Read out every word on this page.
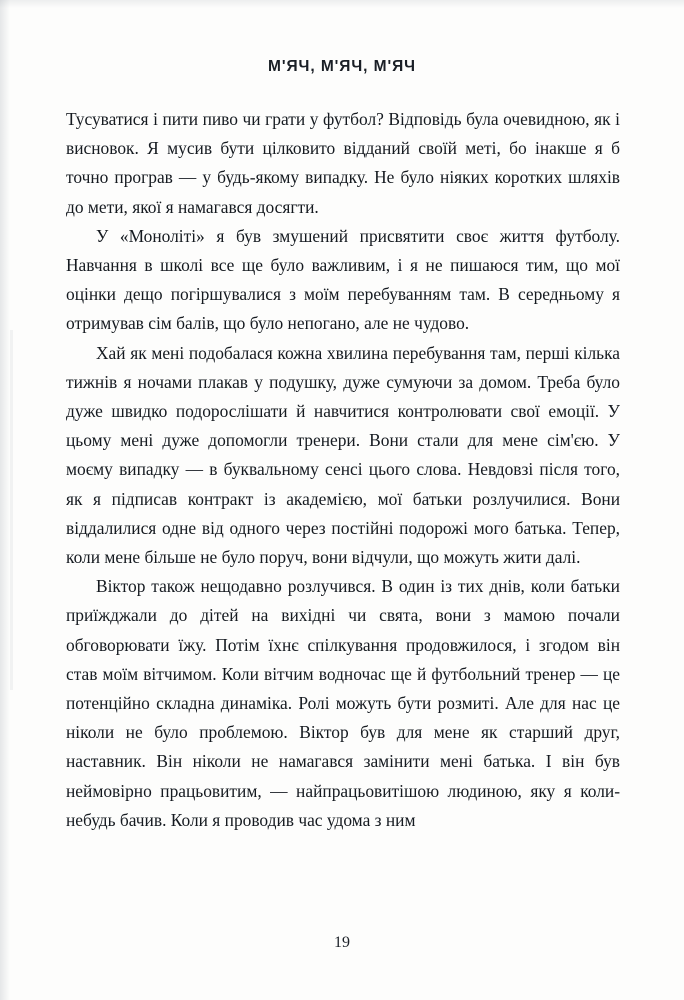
М'ЯЧ, М'ЯЧ, М'ЯЧ

Тусуватися і пити пиво чи грати у футбол? Відповідь була очевидною, як і висновок. Я мусив бути цілковито відданий своїй меті, бо інакше я б точно програв — у будь-якому випадку. Не було ніяких коротких шляхів до мети, якої я намагався досягти.

У «Моноліті» я був змушений присвятити своє життя футболу. Навчання в школі все ще було важливим, і я не пишаюся тим, що мої оцінки дещо погіршувалися з моїм перебуванням там. В середньому я отримував сім балів, що було непогано, але не чудово.

Хай як мені подобалася кожна хвилина перебування там, перші кілька тижнів я ночами плакав у подушку, дуже сумуючи за домом. Треба було дуже швидко подорослішати й навчитися контролювати свої емоції. У цьому мені дуже допомогли тренери. Вони стали для мене сім'єю. У моєму випадку — в буквальному сенсі цього слова. Невдовзі після того, як я підписав контракт із академією, мої батьки розлучилися. Вони віддалилися одне від одного через постійні подорожі мого батька. Тепер, коли мене більше не було поруч, вони відчули, що можуть жити далі.

Віктор також нещодавно розлучився. В один із тих днів, коли батьки приїжджали до дітей на вихідні чи свята, вони з мамою почали обговорювати їжу. Потім їхнє спілкування продовжилося, і згодом він став моїм вітчимом. Коли вітчим водночас ще й футбольний тренер — це потенційно складна динаміка. Ролі можуть бути розмиті. Але для нас це ніколи не було проблемою. Віктор був для мене як старший друг, наставник. Він ніколи не намагався замінити мені батька. І він був неймовірно працьовитим, — найпрацьовитішою людиною, яку я коли-небудь бачив. Коли я проводив час удома з ним

19
